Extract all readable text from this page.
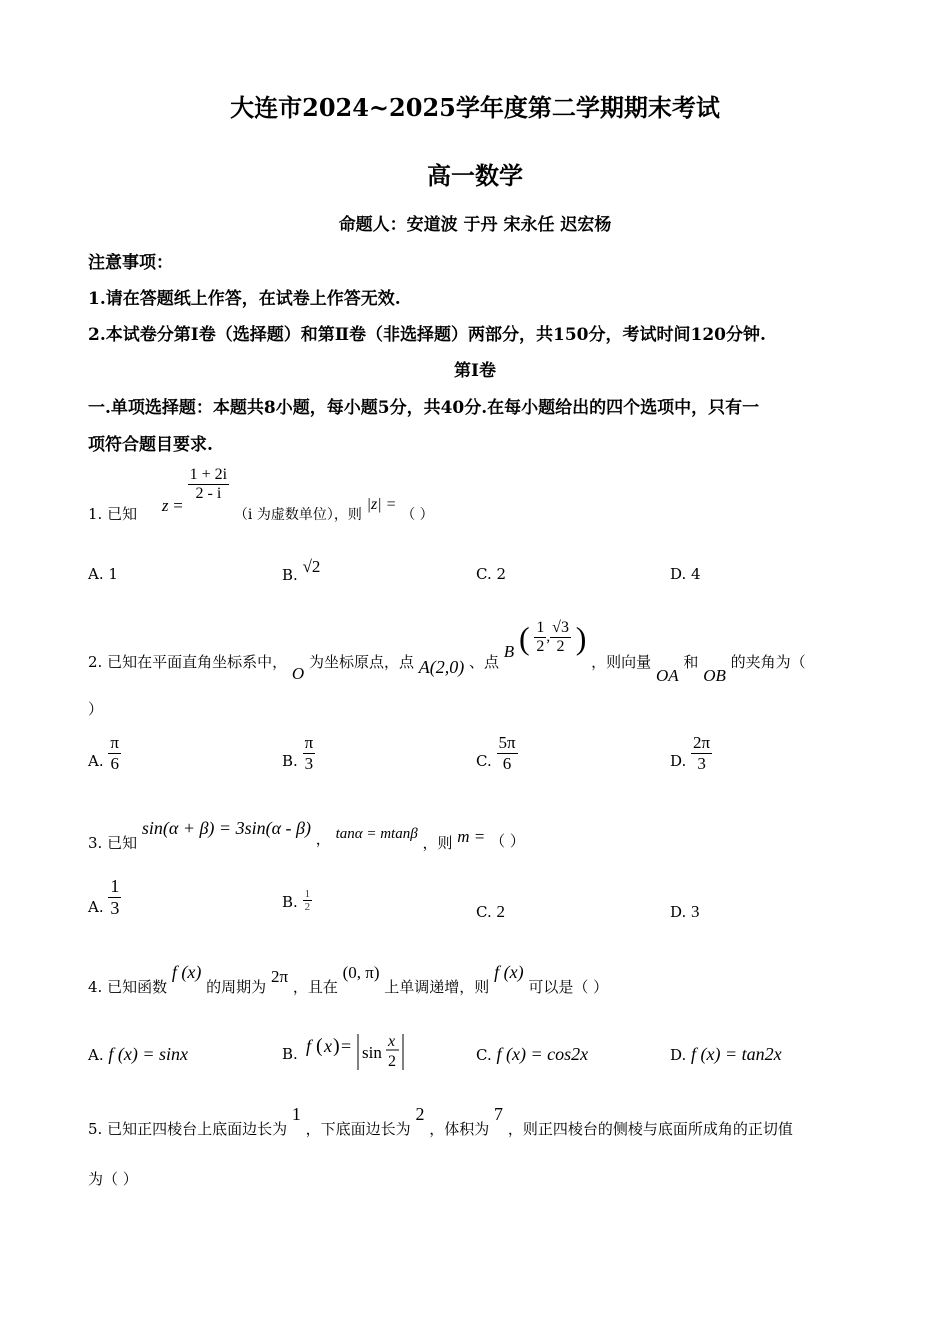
大连市2024~2025学年度第二学期期末考试
高一数学
命题人：安道波 于丹 宋永任 迟宏杨
注意事项：
1.请在答题纸上作答，在试卷上作答无效.
2.本试卷分第Ⅰ卷（选择题）和第Ⅱ卷（非选择题）两部分，共150分，考试时间120分钟.
第Ⅰ卷
一.单项选择题：本题共8小题，每小题5分，共40分.在每小题给出的四个选项中，只有一
项符合题目要求.
1. 已知 z =
$\frac{1 + 2i}{2 - i}$
（i 为虚数单位），则 |z| = （ ）
A. 1	B. √2	C. 2	D. 4
2. 已知在平面直角坐标系中， O 为坐标原点，点 A(2,0) 、点 B ( $\frac{1}{2}$ , $\frac{√3}{2}$ ) ，则向量 OA 和 OB 的夹角为（
）
A. $\frac{\pi}{6}$	B. $\frac{\pi}{3}$	C. $\frac{5\pi}{6}$	D. $\frac{2\pi}{3}$
3. 已知 sin(α + β) = 3sin(α - β) ， tanα = mtanβ ，则 m = （ ）
A. $\frac{1}{3}$	B. $\frac{1}{2}$	C. 2	D. 3
4. 已知函数 f (x) 的周期为 2π ，且在 (0, π) 上单调递增，则 f (x) 可以是（ ）
A. f (x) = sinx	B. f ( x ) = sin
x
2	C. f (x) = cos2x	D. f (x) = tan2x
5. 已知正四棱台上底面边长为 1 ，下底面边长为 2 ，体积为 7 ，则正四棱台的侧棱与底面所成角的正切值
为（ ）
